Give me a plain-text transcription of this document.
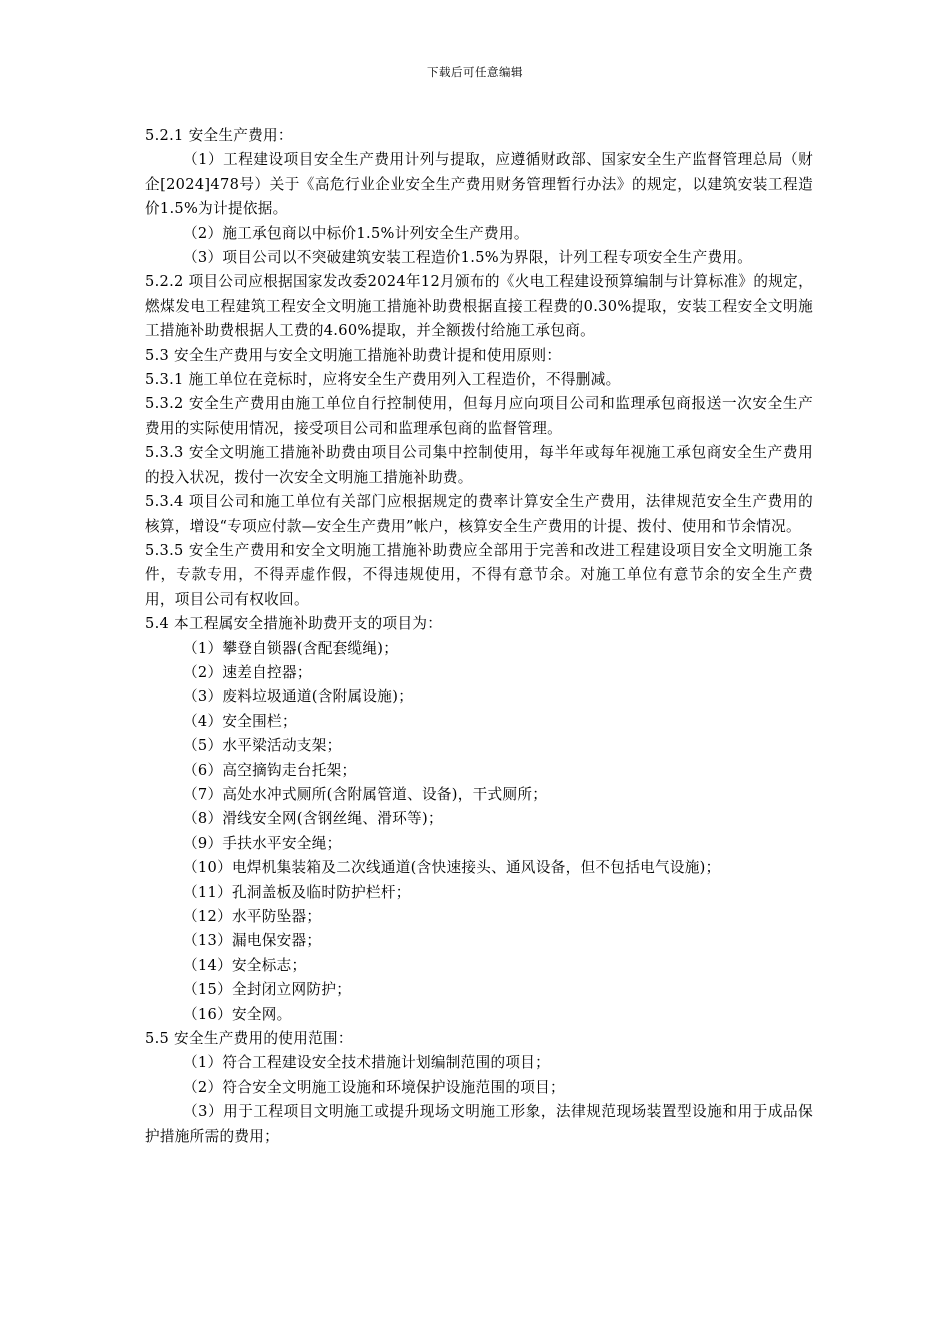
下载后可任意编辑

5.2.1 安全生产费用：

（1）工程建设项目安全生产费用计列与提取，应遵循财政部、国家安全生产监督管理总局（财企[2024]478号）关于《高危行业企业安全生产费用财务管理暂行办法》的规定，以建筑安装工程造价1.5%为计提依据。

（2）施工承包商以中标价1.5%计列安全生产费用。

（3）项目公司以不突破建筑安装工程造价1.5%为界限，计列工程专项安全生产费用。

5.2.2 项目公司应根据国家发改委2024年12月颁布的《火电工程建设预算编制与计算标准》的规定，燃煤发电工程建筑工程安全文明施工措施补助费根据直接工程费的0.30%提取，安装工程安全文明施工措施补助费根据人工费的4.60%提取，并全额拨付给施工承包商。

5.3 安全生产费用与安全文明施工措施补助费计提和使用原则：

5.3.1 施工单位在竞标时，应将安全生产费用列入工程造价，不得删减。

5.3.2 安全生产费用由施工单位自行控制使用，但每月应向项目公司和监理承包商报送一次安全生产费用的实际使用情况，接受项目公司和监理承包商的监督管理。

5.3.3 安全文明施工措施补助费由项目公司集中控制使用，每半年或每年视施工承包商安全生产费用的投入状况，拨付一次安全文明施工措施补助费。

5.3.4 项目公司和施工单位有关部门应根据规定的费率计算安全生产费用，法律规范安全生产费用的核算，增设“专项应付款—安全生产费用”帐户，核算安全生产费用的计提、拨付、使用和节余情况。

5.3.5 安全生产费用和安全文明施工措施补助费应全部用于完善和改进工程建设项目安全文明施工条件，专款专用，不得弄虚作假，不得违规使用，不得有意节余。对施工单位有意节余的安全生产费用，项目公司有权收回。

5.4 本工程属安全措施补助费开支的项目为：

（1）攀登自锁器(含配套缆绳)；

（2）速差自控器；

（3）废料垃圾通道(含附属设施)；

（4）安全围栏；

（5）水平梁活动支架；

（6）高空摘钩走台托架；

（7）高处水冲式厕所(含附属管道、设备)，干式厕所；

（8）滑线安全网(含钢丝绳、滑环等)；

（9）手扶水平安全绳；

（10）电焊机集装箱及二次线通道(含快速接头、通风设备，但不包括电气设施)；

（11）孔洞盖板及临时防护栏杆；

（12）水平防坠器；

（13）漏电保安器；

（14）安全标志；

（15）全封闭立网防护；

（16）安全网。

5.5 安全生产费用的使用范围：

（1）符合工程建设安全技术措施计划编制范围的项目；

（2）符合安全文明施工设施和环境保护设施范围的项目；

（3）用于工程项目文明施工或提升现场文明施工形象，法律规范现场装置型设施和用于成品保护措施所需的费用；
